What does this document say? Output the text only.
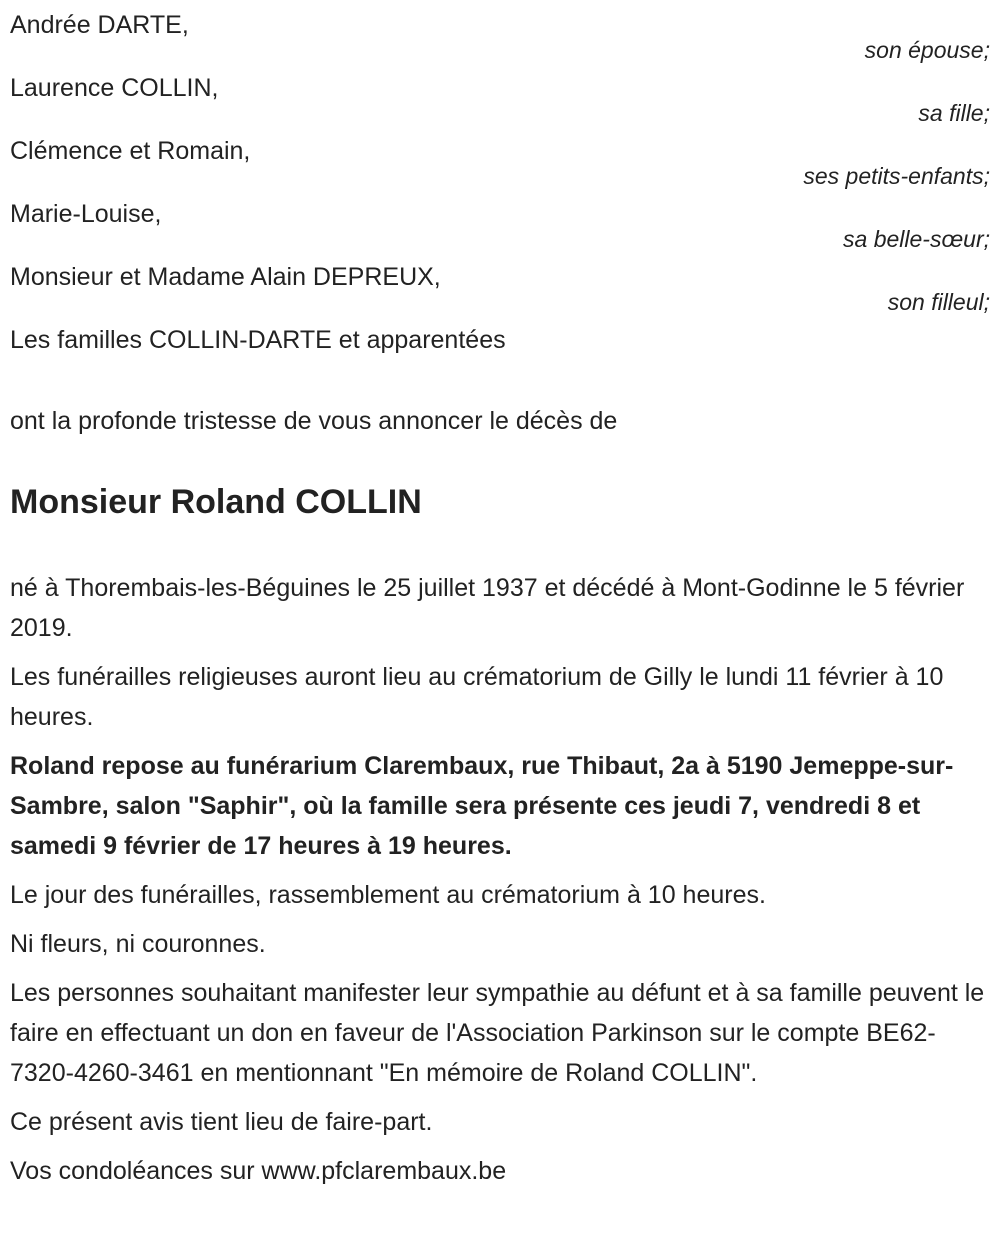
Andrée DARTE,
son épouse;
Laurence COLLIN,
sa fille;
Clémence et Romain,
ses petits-enfants;
Marie-Louise,
sa belle-sœur;
Monsieur et Madame Alain DEPREUX,
son filleul;
Les familles COLLIN-DARTE et apparentées
ont la profonde tristesse de vous annoncer le décès de
Monsieur Roland COLLIN

né à Thorembais-les-Béguines le 25 juillet 1937 et décédé à Mont-Godinne le 5 février 2019.

Les funérailles religieuses auront lieu au crématorium de Gilly le lundi 11 février à 10 heures.

Roland repose au funérarium Clarembaux, rue Thibaut, 2a à 5190 Jemeppe-sur-Sambre, salon "Saphir", où la famille sera présente ces jeudi 7, vendredi 8 et samedi 9 février de 17 heures à 19 heures.

Le jour des funérailles, rassemblement au crématorium à 10 heures.

Ni fleurs, ni couronnes.

Les personnes souhaitant manifester leur sympathie au défunt et à sa famille peuvent le faire en effectuant un don en faveur de l'Association Parkinson sur le compte BE62-7320-4260-3461 en mentionnant "En mémoire de Roland COLLIN".

Ce présent avis tient lieu de faire-part.

Vos condoléances sur www.pfclarembaux.be
